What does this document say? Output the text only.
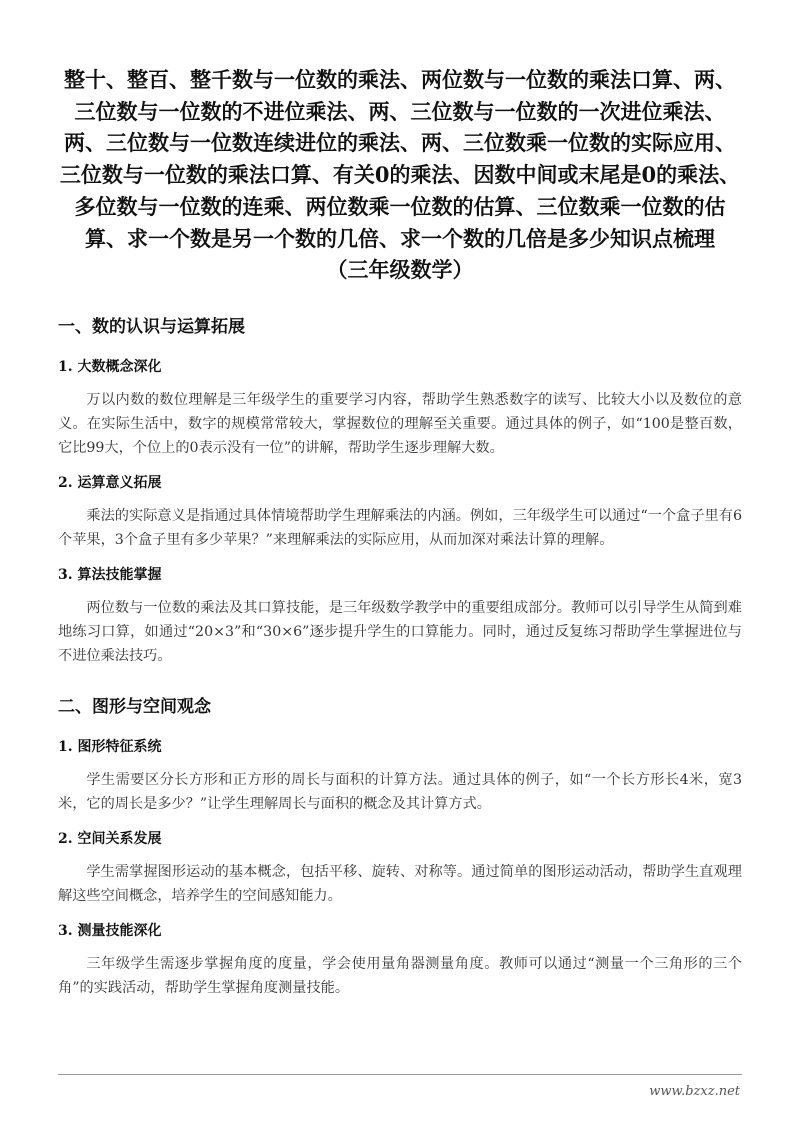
整十、整百、整千数与一位数的乘法、两位数与一位数的乘法口算、两、
三位数与一位数的不进位乘法、两、三位数与一位数的一次进位乘法、
两、三位数与一位数连续进位的乘法、两、三位数乘一位数的实际应用、
三位数与一位数的乘法口算、有关0的乘法、因数中间或末尾是0的乘法、
多位数与一位数的连乘、两位数乘一位数的估算、三位数乘一位数的估
算、求一个数是另一个数的几倍、求一个数的几倍是多少知识点梳理
（三年级数学）
一、数的认识与运算拓展
1. 大数概念深化

万以内数的数位理解是三年级学生的重要学习内容，帮助学生熟悉数字的读写、比较大小以及数位的意义。在实际生活中，数字的规模常常较大，掌握数位的理解至关重要。通过具体的例子，如“100是整百数，它比99大，个位上的0表示没有一位”的讲解，帮助学生逐步理解大数。

2. 运算意义拓展

乘法的实际意义是指通过具体情境帮助学生理解乘法的内涵。例如，三年级学生可以通过“一个盒子里有6个苹果，3个盒子里有多少苹果？”来理解乘法的实际应用，从而加深对乘法计算的理解。

3. 算法技能掌握

两位数与一位数的乘法及其口算技能，是三年级数学教学中的重要组成部分。教师可以引导学生从简到难地练习口算，如通过“20×3”和“30×6”逐步提升学生的口算能力。同时，通过反复练习帮助学生掌握进位与不进位乘法技巧。

二、图形与空间观念
1. 图形特征系统

学生需要区分长方形和正方形的周长与面积的计算方法。通过具体的例子，如“一个长方形长4米，宽3米，它的周长是多少？”让学生理解周长与面积的概念及其计算方式。

2. 空间关系发展

学生需掌握图形运动的基本概念，包括平移、旋转、对称等。通过简单的图形运动活动，帮助学生直观理解这些空间概念，培养学生的空间感知能力。

3. 测量技能深化

三年级学生需逐步掌握角度的度量，学会使用量角器测量角度。教师可以通过“测量一个三角形的三个角”的实践活动，帮助学生掌握角度测量技能。

www.bzxz.net
